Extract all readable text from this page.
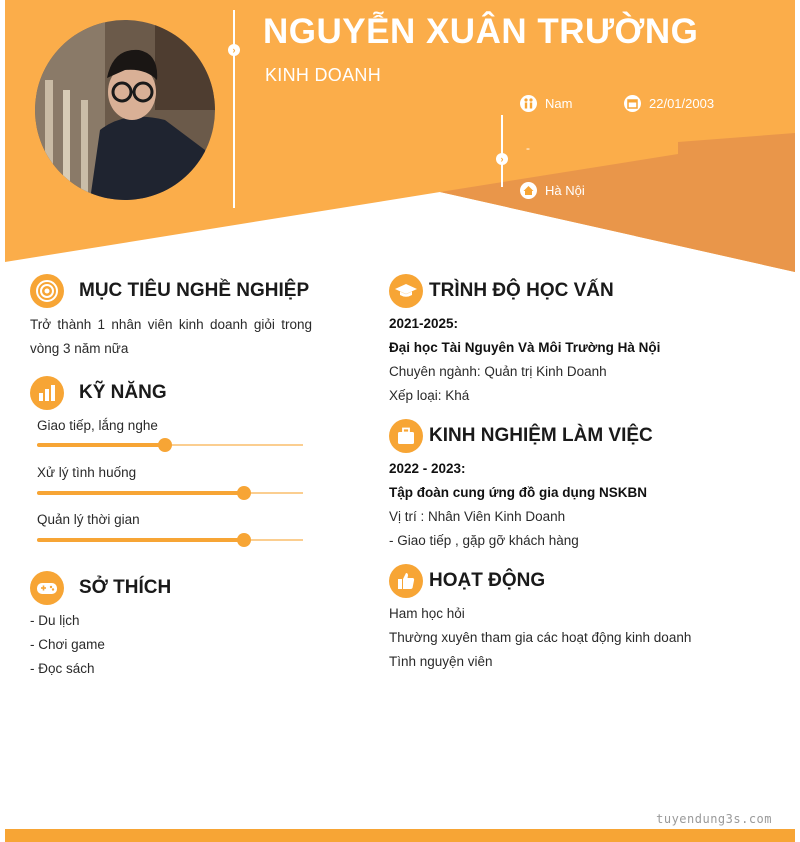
›
›
NGUYỄN XUÂN TRƯỜNG
KINH DOANH
Nam	22/01/2003
-
Hà Nội
MỤC TIÊU NGHỀ NGHIỆP
Trở thành 1 nhân viên kinh doanh giỏi trong vòng 3 năm nữa
KỸ NĂNG
Giao tiếp, lắng nghe
Xử lý tình huống
Quản lý thời gian
SỞ THÍCH
- Du lịch
- Chơi game
- Đọc sách
TRÌNH ĐỘ HỌC VẤN
2021-2025:
Đại học Tài Nguyên Và Môi Trường Hà Nội
Chuyên ngành: Quản trị Kinh Doanh
Xếp loại: Khá
KINH NGHIỆM LÀM VIỆC
2022 - 2023:
Tập đoàn cung ứng đồ gia dụng NSKBN
Vị trí : Nhân Viên Kinh Doanh
- Giao tiếp , gặp gỡ khách hàng
HOẠT ĐỘNG
Ham học hỏi
Thường xuyên tham gia các hoạt động kinh doanh
Tình nguyện viên
tuyendung3s.com
